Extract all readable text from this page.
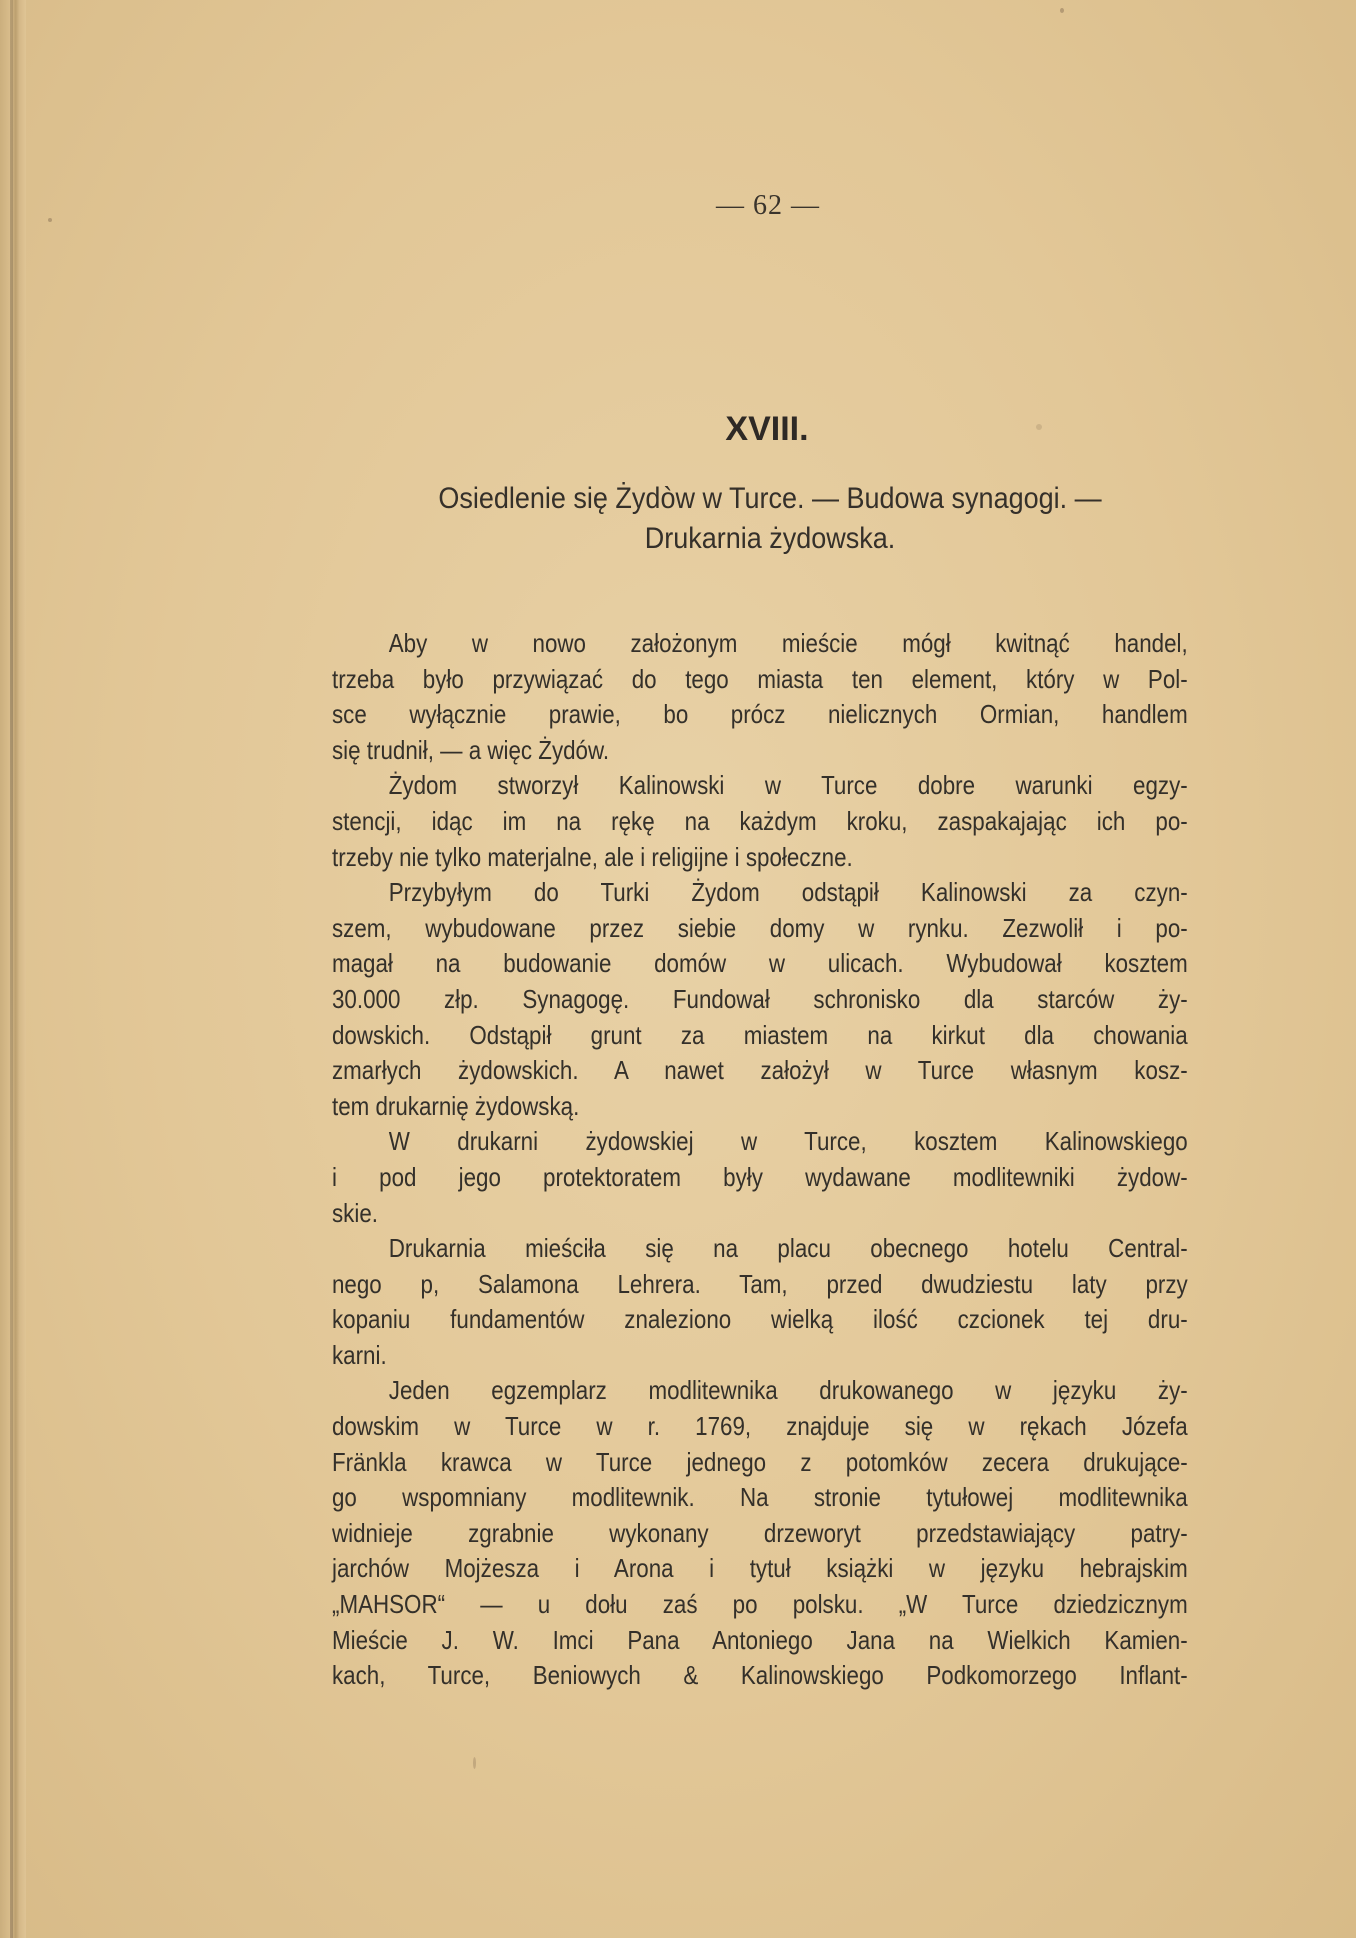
— 62 —
XVIII.
Osiedlenie się Żydòw w Turce. — Budowa synagogi. —
Drukarnia żydowska.
Aby w nowo założonym mieście mógł kwitnąć handel,
trzeba było przywiązać do tego miasta ten element, który w Pol-
sce wyłącznie prawie, bo prócz nielicznych Ormian, handlem
się trudnił, — a więc Żydów.
Żydom stworzył Kalinowski w Turce dobre warunki egzy-
stencji, idąc im na rękę na każdym kroku, zaspakajając ich po-
trzeby nie tylko materjalne, ale i religijne i społeczne.
Przybyłym do Turki Żydom odstąpił Kalinowski za czyn-
szem, wybudowane przez siebie domy w rynku. Zezwolił i po-
magał na budowanie domów w ulicach. Wybudował kosztem
30.000 złp. Synagogę. Fundował schronisko dla starców ży-
dowskich. Odstąpił grunt za miastem na kirkut dla chowania
zmarłych żydowskich. A nawet założył w Turce własnym kosz-
tem drukarnię żydowską.
W drukarni żydowskiej w Turce, kosztem Kalinowskiego
i pod jego protektoratem były wydawane modlitewniki żydow-
skie.
Drukarnia mieściła się na placu obecnego hotelu Central-
nego p, Salamona Lehrera. Tam, przed dwudziestu laty przy
kopaniu fundamentów znaleziono wielką ilość czcionek tej dru-
karni.
Jeden egzemplarz modlitewnika drukowanego w języku ży-
dowskim w Turce w r. 1769, znajduje się w rękach Józefa
Fränkla krawca w Turce jednego z potomków zecera drukujące-
go wspomniany modlitewnik. Na stronie tytułowej modlitewnika
widnieje zgrabnie wykonany drzeworyt przedstawiający patry-
jarchów Mojżesza i Arona i tytuł książki w języku hebrajskim
„MAHSOR“ — u dołu zaś po polsku. „W Turce dziedzicznym
Mieście J. W. Imci Pana Antoniego Jana na Wielkich Kamien-
kach, Turce, Beniowych & Kalinowskiego Podkomorzego Inflant-
